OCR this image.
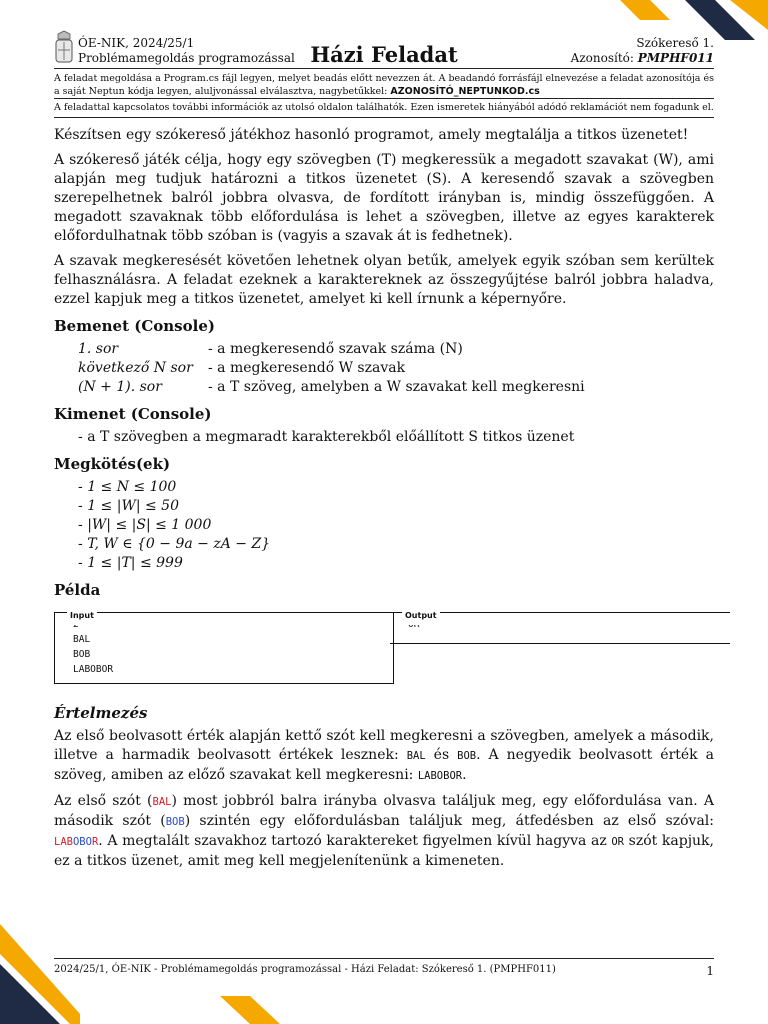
ÓE-NIK, 2024/25/1
Problémamegoldás programozással Házi Feladat	Szókereső 1.
Azonosító: PMPHF011
A feladat megoldása a Program.cs fájl legyen, melyet beadás előtt nevezzen át. A beadandó forrásfájl elnevezése a feladat azonosítója és a saját Neptun kódja legyen, aluljvonással elválasztva, nagybetűkkel: AZONOSÍTÓ_NEPTUNKOD.cs
A feladattal kapcsolatos további információk az utolsó oldalon találhatók. Ezen ismeretek hiányából adódó reklamációt nem fogadunk el.

Készítsen egy szókereső játékhoz hasonló programot, amely megtalálja a titkos üzenetet!

A szókereső játék célja, hogy egy szövegben (T) megkeressük a megadott szavakat (W), ami alapján meg tudjuk határozni a titkos üzenetet (S). A keresendő szavak a szövegben szerepelhetnek balról jobbra olvasva, de fordított irányban is, mindig összefüggően. A megadott szavaknak több előfordulása is lehet a szövegben, illetve az egyes karakterek előfordulhatnak több szóban is (vagyis a szavak át is fedhetnek).

A szavak megkeresését követően lehetnek olyan betűk, amelyek egyik szóban sem kerültek felhasználásra. A feladat ezeknek a karaktereknek az összegyűjtése balról jobbra haladva, ezzel kapjuk meg a titkos üzenetet, amelyet ki kell írnunk a képernyőre.

Bemenet (Console)
1. sor	- a megkeresendő szavak száma (N)
következő N sor	- a megkeresendő W szavak
(N + 1). sor	- a T szöveg, amelyben a W szavakat kell megkeresni
Kimenet (Console)
- a T szövegben a megmaradt karakterekből előállított S titkos üzenet
Megkötés(ek)
- 1 ≤ N ≤ 100
- 1 ≤ |W| ≤ 50
- |W| ≤ |S| ≤ 1 000
- T, W ∈ {0 − 9a − zA − Z}
- 1 ≤ |T| ≤ 999
Példa
Input
BAL
BOB
LABOBOR
Output
Értelmezés

Az első beolvasott érték alapján kettő szót kell megkeresni a szövegben, amelyek a második, illetve a harmadik beolvasott értékek lesznek: BAL és BOB. A negyedik beolvasott érték a szöveg, amiben az előző szavakat kell megkeresni: LABOBOR.

Az első szót (BAL) most jobbról balra irányba olvasva találjuk meg, egy előfordulása van. A második szót (BOB) szintén egy előfordulásban találjuk meg, átfedésben az első szóval: LABOBOR. A megtalált szavakhoz tartozó karaktereket figyelmen kívül hagyva az OR szót kapjuk, ez a titkos üzenet, amit meg kell megjelenítenünk a kimeneten.

2024/25/1, ÓE-NIK - Problémamegoldás programozással - Házi Feladat: Szókereső 1. (PMPHF011)	1
